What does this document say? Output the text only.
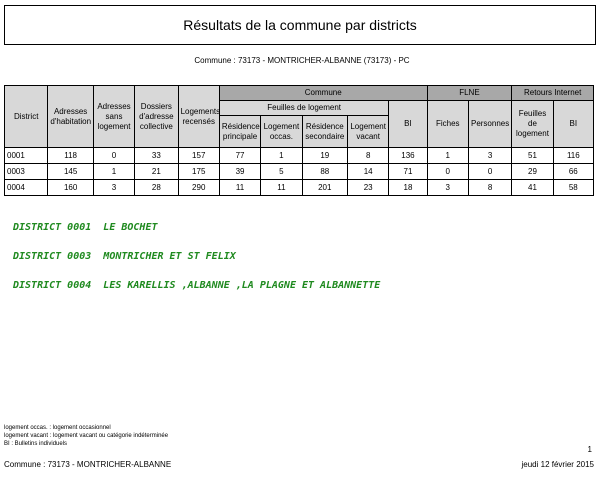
Résultats de la commune par districts
Commune : 73173 - MONTRICHER-ALBANNE (73173) - PC
District	Adresses d'habitation	Adresses sans logement	Dossiers d'adresse collective	Logements recensés	Commune					FLNE		Retours Internet	
					Feuilles de logement				BI	Fiches	Personnes	Feuilles de logement	BI
					Résidence principale	Logement occas.	Résidence secondaire	Logement vacant					
0001	118	0	33	157	77	1	19	8	136	1	3	51	116
0003	145	1	21	175	39	5	88	14	71	0	0	29	66
0004	160	3	28	290	11	11	201	23	18	3	8	41	58
DISTRICT 0001  LE BOCHET
DISTRICT 0003  MONTRICHER ET ST FELIX
DISTRICT 0004  LES KARELLIS ,ALBANNE ,LA PLAGNE ET ALBANNETTE
logement occas. : logement occasionnel
logement vacant : logement vacant ou catégorie indéterminée
BI : Bulletins individuels
1
Commune : 73173 - MONTRICHER-ALBANNE	jeudi 12 février 2015
